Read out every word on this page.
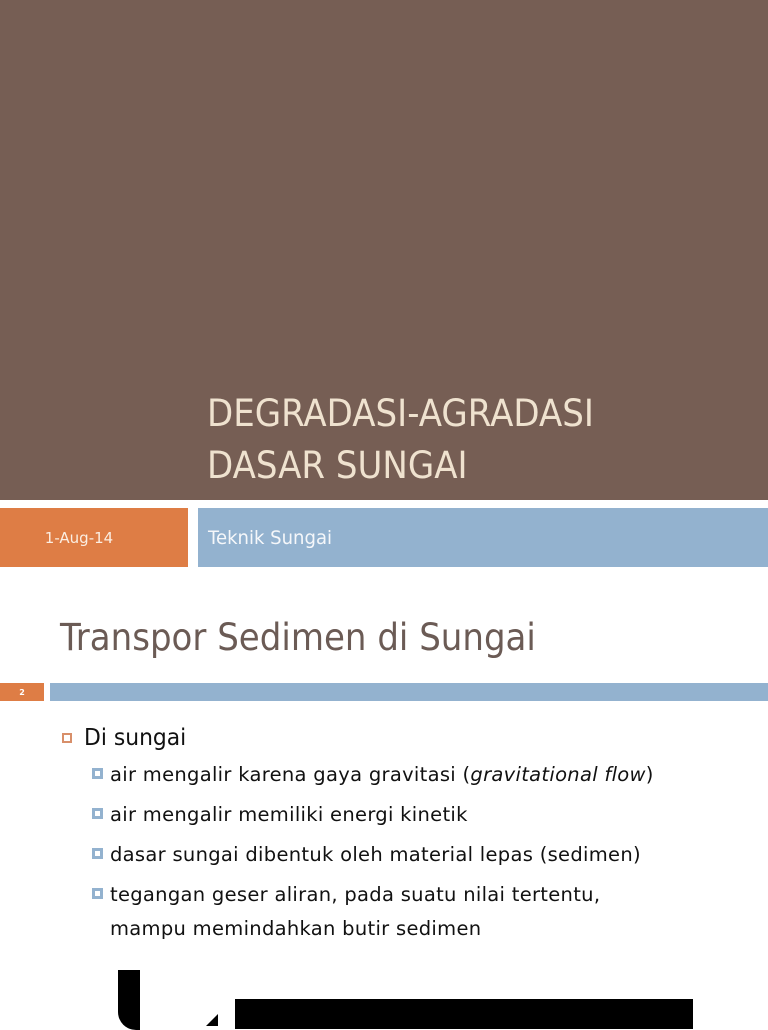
DEGRADASI-AGRADASI
DASAR SUNGAI
1-Aug-14	Teknik Sungai
Transpor Sedimen di Sungai
2
Di sungai
air mengalir karena gaya gravitasi (gravitational flow)
air mengalir memiliki energi kinetik
dasar sungai dibentuk oleh material lepas (sedimen)
tegangan geser aliran, pada suatu nilai tertentu,
mampu memindahkan butir sedimen
